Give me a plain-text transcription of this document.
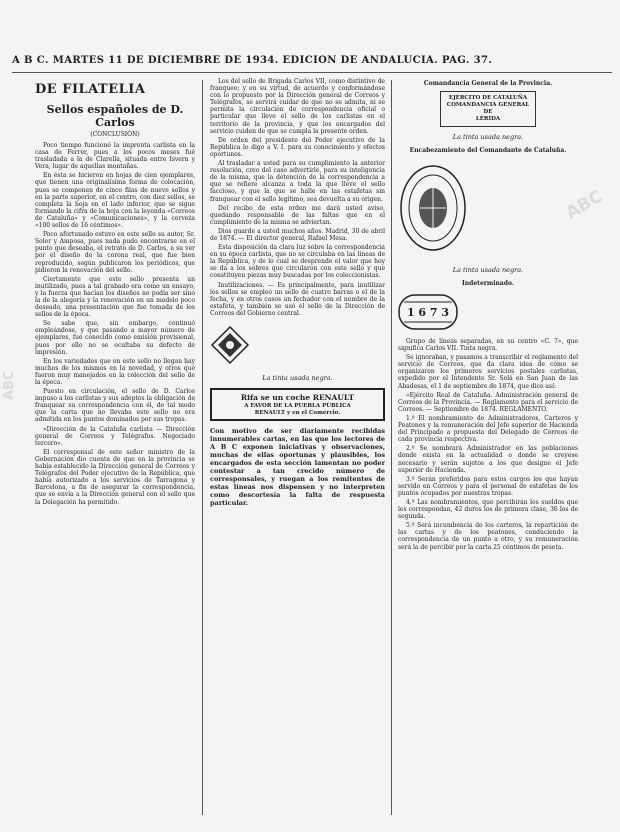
A B C. MARTES 11 DE DICIEMBRE DE 1934. EDICION DE ANDALUCIA. PAG. 37.
ABC
ABC
DE FILATELIA
Sellos españoles de D. Carlos
(CONCLUSIÓN)

Poco tiempo funcionó la imprenta carlista en la casa de Ferrer, pues a los pocos meses fué trasladada a la de Clarella, situada entre Isvern y Vera, lugar de aquellas montañas.

En ésta se hicieron en hojas de cien ejemplares, que tienen una originalísima forma de colocación, pues se componen de cinco filas de nueve sellos y en la parte superior, en el centro, con diez sellos, se completa la hoja en el lado inferior, que se sigue formando la cifra de la hoja con la leyenda «Correos de Cataluña» y «Comunicaciones», y la cerveza «100 sellos de 16 céntimos».

Poco afortunado estuvo en este sello su autor, Sr. Soler y Amposa, pues nada pudo encontrarse en el punto que deseaba, el retrato de D. Carlos, a su ver por el diseño de la corona real, que fue bien reproducido, según publicaron los periódicos, que pidieron la renovación del sello.

Ciertamente que este sello presenta un inutilizado, pues a tal grabado era como un ensayo, y la fuerza que hacían los diseños no podía ser sino la de la alegoría y la renovación en un modelo poco deseado, una presentación que fue tomada de los sellos de la época.

Se sabe que, sin embargo, continuó empleándose, y que pasando a mayor número de ejemplares, fue conocido como emisión provisional, pues por ello no se ocultaba su defecto de impresión.

En los variedades que en este sello no llegan hay muchos de los mismos en la novedad, y otros que fueron muy manejados en la colección del sello de la época.

Puesto en circulación, el sello de D. Carlos impuso a los carlistas y sus adeptos la obligación de franquear su correspondencia con él, de tal modo que la carta que no llevaba este sello no era admitida en los puntos dominados por sus tropas.

«Dirección de la Cataluña carlista — Dirección general de Correos y Telégrafos. Negociado tercero».

El corresponsal de este señor ministro de la Gobernación dio cuenta de que en la provincia se había establecido la Dirección general de Correos y Telégrafos del Poder ejecutivo de la República, que había autorizado a los servicios de Tarragona y Barcelona, a fin de asegurar la correspondencia, que se envía a la Dirección general con el sello que la Delegación ha permitido.

Los del sello de Brigada Carlos VII, como distintivo de franqueo; y en su virtud, de acuerdo y conformándose con lo propuesto por la Dirección general de Correos y Telégrafos, se servirá cuidar de que no se admita, ni se permita la circulación de correspondencia oficial o particular que lleve el sello de los carlistas en el territorio de la provincia, y que los encargados del servicio cuiden de que se cumpla la presente orden.

De orden del presidente del Poder ejecutivo de la República lo digo a V. I. para su conocimiento y efectos oportunos.

Al trasladar a usted para su cumplimiento la anterior resolución, creo del caso advertirle, para su inteligencia de la misma, que la detención de la correspondencia a que se refiere alcanza a toda la que lleve el sello faccioso, y que la que se halle en las estafetas sin franquear con el sello legítimo, sea devuelta a su origen.

Del recibo de esta orden me dará usted aviso, quedando responsable de las faltas que en el cumplimiento de la misma se adviertan.

Dios guarde a usted muchos años. Madrid, 30 de abril de 1874. — El director general, Rafael Mesa.

Esta disposición da clara luz sobre la correspondencia en su época carlista, que no se circulaba en las líneas de la República, y de lo cual se desprende el valor que hoy se da a los sobres que circularon con este sello y que constituyen piezas muy buscadas por los coleccionistas.

Inutilizaciones. — Es principalmente, para inutilizar los sellos se empleó un sello de cuatro barras o el de la fecha, y en otros casos un fechador con el nombre de la estafeta, y también se usó el sello de la Dirección de Correos del Gobierno central.

La tinta usada negra.
Rifa se un coche RENAULT
A FAVOR DE LA PUEBLA PÚBLICA
RENAULT y en el Comercio.
Con motivo de ser diariamente recibidas innumerables cartas, en las que los lectores de A B C exponen iniciativas y observaciones, muchas de ellas oportunas y plausibles, los encargados de esta sección lamentan no poder contestar a tan crecido número de corresponsales, y ruegan a los remitentes de estas líneas nos dispensen y no interpreten como descortesía la falta de respuesta particular.
Comandancia General de la Provincia.
EJÉRCITO DE CATALUÑA
COMANDANCIA GENERAL
DE
LÉRIDA
La tinta usada negra.
Encabezamiento del Comandante de Cataluña.
La tinta usada negra.
Indeterminado.
1 6 7 3

Grupo de líneas separadas, en su centro «C. 7», que significa Carlos VII. Tinta negra.

Se ignoraban, y pasamos a transcribir el reglamento del servicio de Correos, que da clara idea de cómo se organizaron los primeros servicios postales carlistas, expedido por el Intendente Sr. Solá en San Juan de las Abadesas, el 1 de septiembre de 1874, que dice así:

«Ejército Real de Cataluña. Administración general de Correos de la Provincia. — Reglamento para el servicio de Correos. — Septiembre de 1874. REGLAMENTO.

1.º El nombramiento de Administradores, Carteros y Peatones y la remuneración del Jefe superior de Hacienda del Principado a propuesta del Delegado de Correos de cada provincia respectiva.

2.º Se nombrará Administrador en las poblaciones donde exista en la actualidad o donde se creyese necesario y serán sujetos a los que designe el Jefe superior de Hacienda.

3.º Serán preferidos para estos cargos los que hayan servido en Correos y para el personal de estafetas de los puntos ocupados por nuestras tropas.

4.º Las nombramientos, que percibirán los sueldos que les correspondan, 42 duros los de primera clase, 36 los de segunda.

5.º Será incumbencia de los carteros, la repartición de las cartas y de los peatones, conduciendo la correspondencia de un punto a otro, y su remuneración será la de percibir por la carta 25 céntimos de peseta.
